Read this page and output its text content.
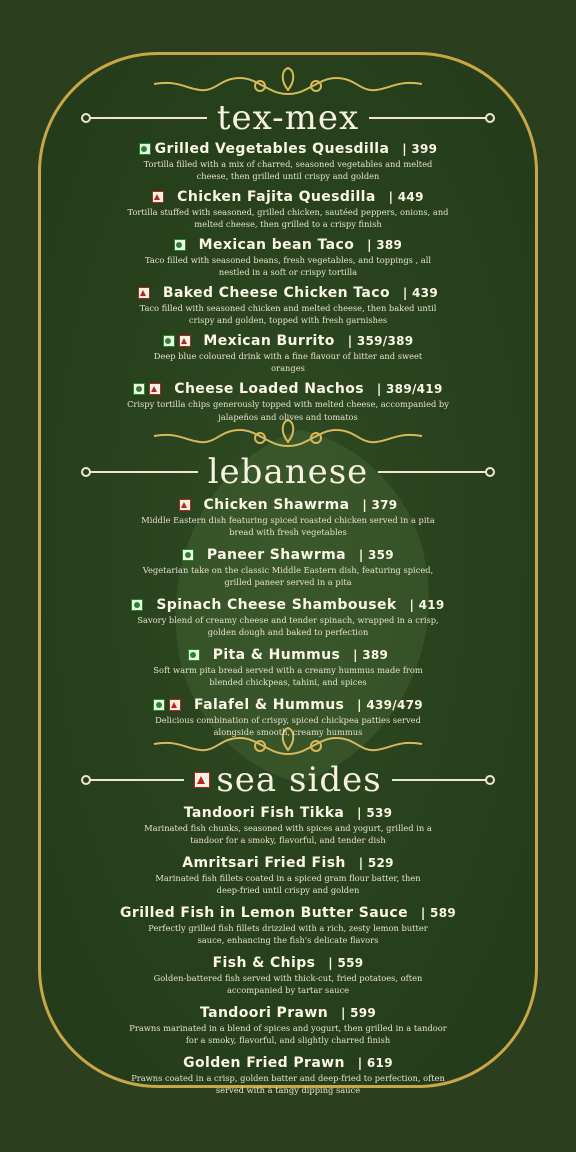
tex-mex
Grilled Vegetables Quesdilla
| 399
Tortilla filled with a mix of charred, seasoned vegetables and melted cheese, then grilled until crispy and golden

Chicken Fajita Quesdilla
| 449
Tortilla stuffed with seasoned, grilled chicken, sautéed peppers, onions, and melted cheese, then grilled to a crispy finish

Mexican bean Taco
| 389
Taco filled with seasoned beans, fresh vegetables, and toppings , all nestled in a soft or crispy tortilla

Baked Cheese Chicken Taco
| 439
Taco filled with seasoned chicken and melted cheese, then baked until crispy and golden, topped with fresh garnishes

Mexican Burrito
| 359/389
Deep blue coloured drink with a fine flavour of bitter and sweet oranges

Cheese Loaded Nachos
| 389/419
Crispy tortilla chips generously topped with melted cheese, accompanied by jalapeños and olives and tomatos
lebanese

Chicken Shawrma
| 379
Middle Eastern dish featuring spiced roasted chicken served in a pita bread with fresh vegetables

Paneer Shawrma
| 359
Vegetarian take on the classic Middle Eastern dish, featuring spiced, grilled paneer served in a pita

Spinach Cheese Shambousek
| 419
Savory blend of creamy cheese and tender spinach, wrapped in a crisp, golden dough and baked to perfection

Pita & Hummus
| 389
Soft warm pita bread served with a creamy hummus made from blended chickpeas, tahini, and spices

Falafel & Hummus
| 439/479
Delicious combination of crispy, spiced chickpea patties served alongside smooth, creamy hummus
sea sides
Tandoori Fish Tikka
| 539
Marinated fish chunks, seasoned with spices and yogurt, grilled in a tandoor for a smoky, flavorful, and tender dish
Amritsari Fried Fish
| 529
Marinated fish fillets coated in a spiced gram flour batter, then deep-fried until crispy and golden
Grilled Fish in Lemon Butter Sauce
| 589
Perfectly grilled fish fillets drizzled with a rich, zesty lemon butter sauce, enhancing the fish's delicate flavors
Fish & Chips
| 559
Golden-battered fish served with thick-cut, fried potatoes, often accompanied by tartar sauce
Tandoori Prawn
| 599
Prawns marinated in a blend of spices and yogurt, then grilled in a tandoor for a smoky, flavorful, and slightly charred finish
Golden Fried Prawn
| 619
Prawns coated in a crisp, golden batter and deep-fried to perfection, often served with a tangy dipping sauce
